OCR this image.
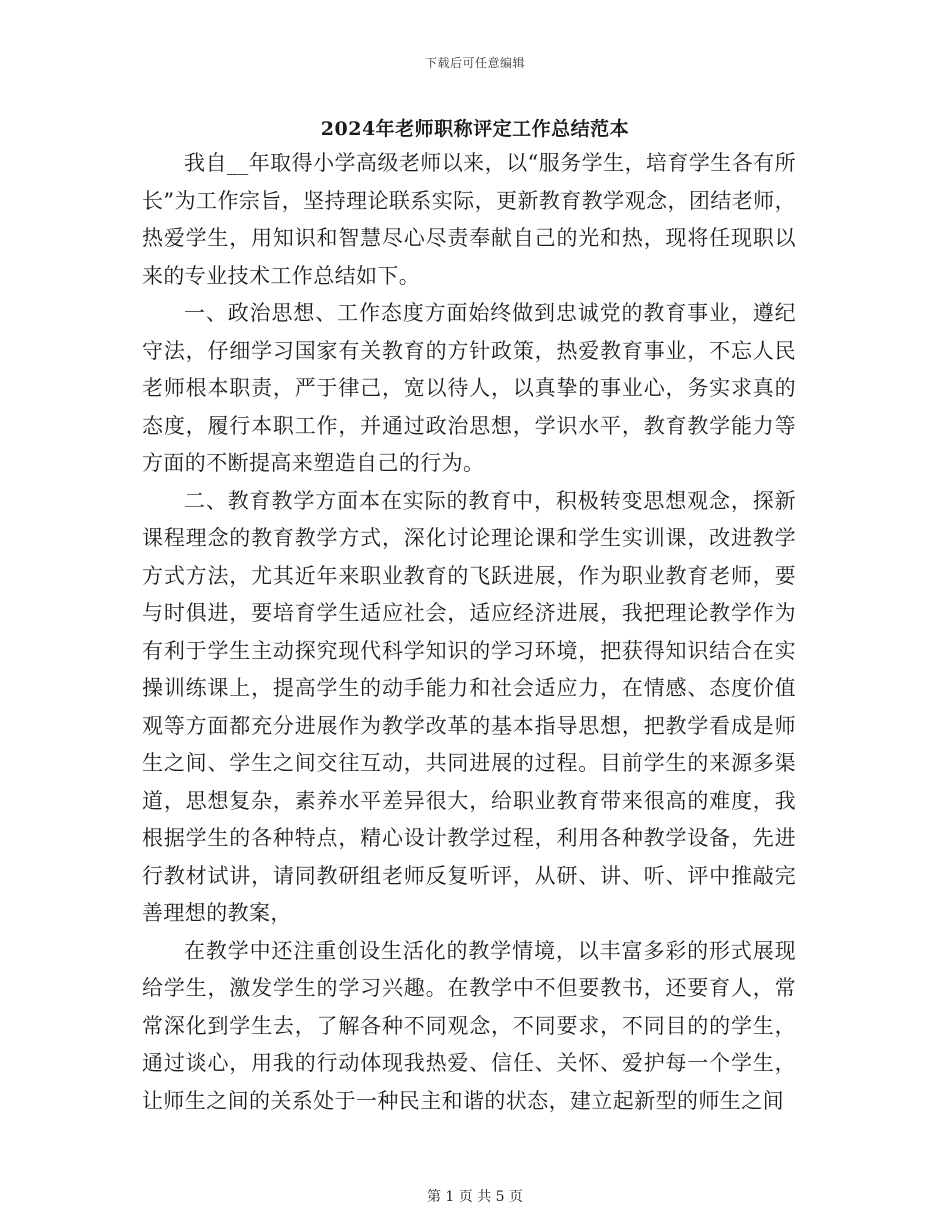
下载后可任意编辑
2024年老师职称评定工作总结范本

我自__年取得小学高级老师以来，以“服务学生，培育学生各有所长”为工作宗旨，坚持理论联系实际，更新教育教学观念，团结老师，热爱学生，用知识和智慧尽心尽责奉献自己的光和热，现将任现职以来的专业技术工作总结如下。

一、政治思想、工作态度方面始终做到忠诚党的教育事业，遵纪守法，仔细学习国家有关教育的方针政策，热爱教育事业，不忘人民老师根本职责，严于律己，宽以待人，以真挚的事业心，务实求真的态度，履行本职工作，并通过政治思想，学识水平，教育教学能力等方面的不断提高来塑造自己的行为。

二、教育教学方面本在实际的教育中，积极转变思想观念，探新课程理念的教育教学方式，深化讨论理论课和学生实训课，改进教学方式方法，尤其近年来职业教育的飞跃进展，作为职业教育老师，要与时俱进，要培育学生适应社会，适应经济进展，我把理论教学作为有利于学生主动探究现代科学知识的学习环境，把获得知识结合在实操训练课上，提高学生的动手能力和社会适应力，在情感、态度价值观等方面都充分进展作为教学改革的基本指导思想，把教学看成是师生之间、学生之间交往互动，共同进展的过程。目前学生的来源多渠道，思想复杂，素养水平差异很大，给职业教育带来很高的难度，我根据学生的各种特点，精心设计教学过程，利用各种教学设备，先进行教材试讲，请同教研组老师反复听评，从研、讲、听、评中推敲完善理想的教案，

在教学中还注重创设生活化的教学情境，以丰富多彩的形式展现给学生，激发学生的学习兴趣。在教学中不但要教书，还要育人，常常深化到学生去，了解各种不同观念，不同要求，不同目的的学生，通过谈心，用我的行动体现我热爱、信任、关怀、爱护每一个学生，让师生之间的关系处于一种民主和谐的状态，建立起新型的师生之间

第 1 页 共 5 页
